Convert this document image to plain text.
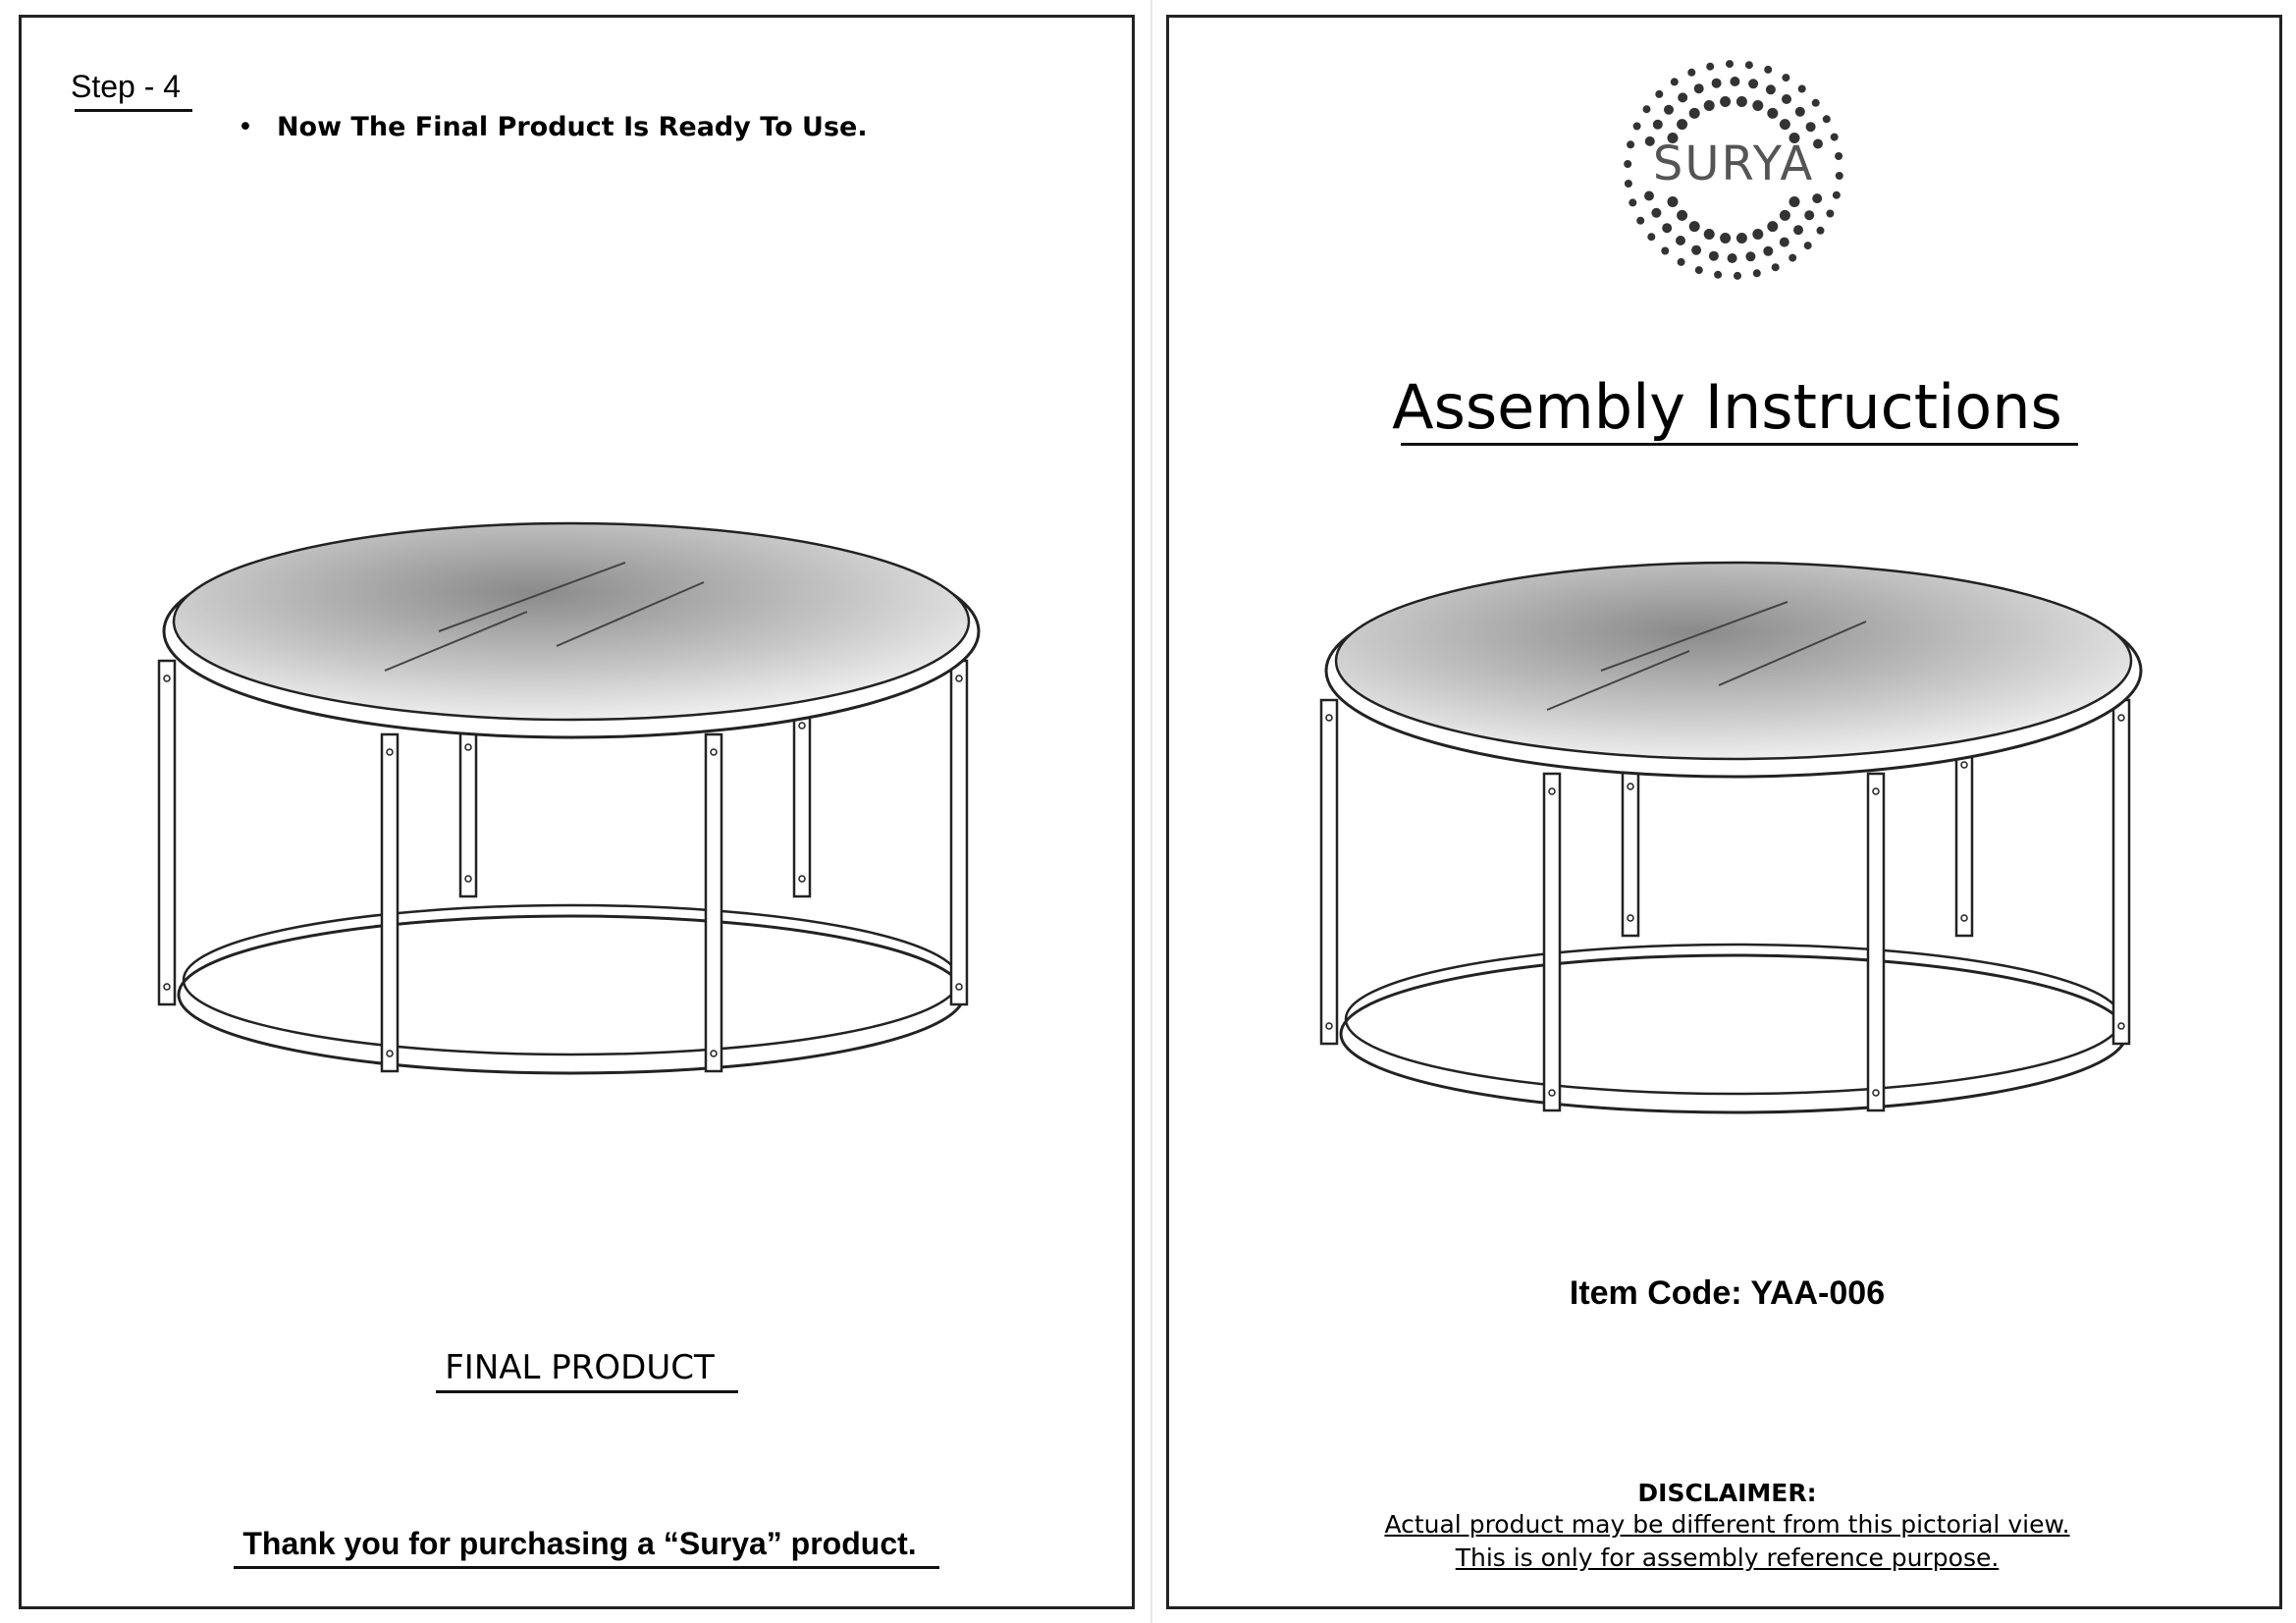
Step - 4
• Now The Final Product Is Ready To Use.
FINAL PRODUCT
Thank you for purchasing a “Surya” product.
SURYA
Assembly Instructions
Item Code: YAA-006
DISCLAIMER:
Actual product may be different from this pictorial view.
This is only for assembly reference purpose.
